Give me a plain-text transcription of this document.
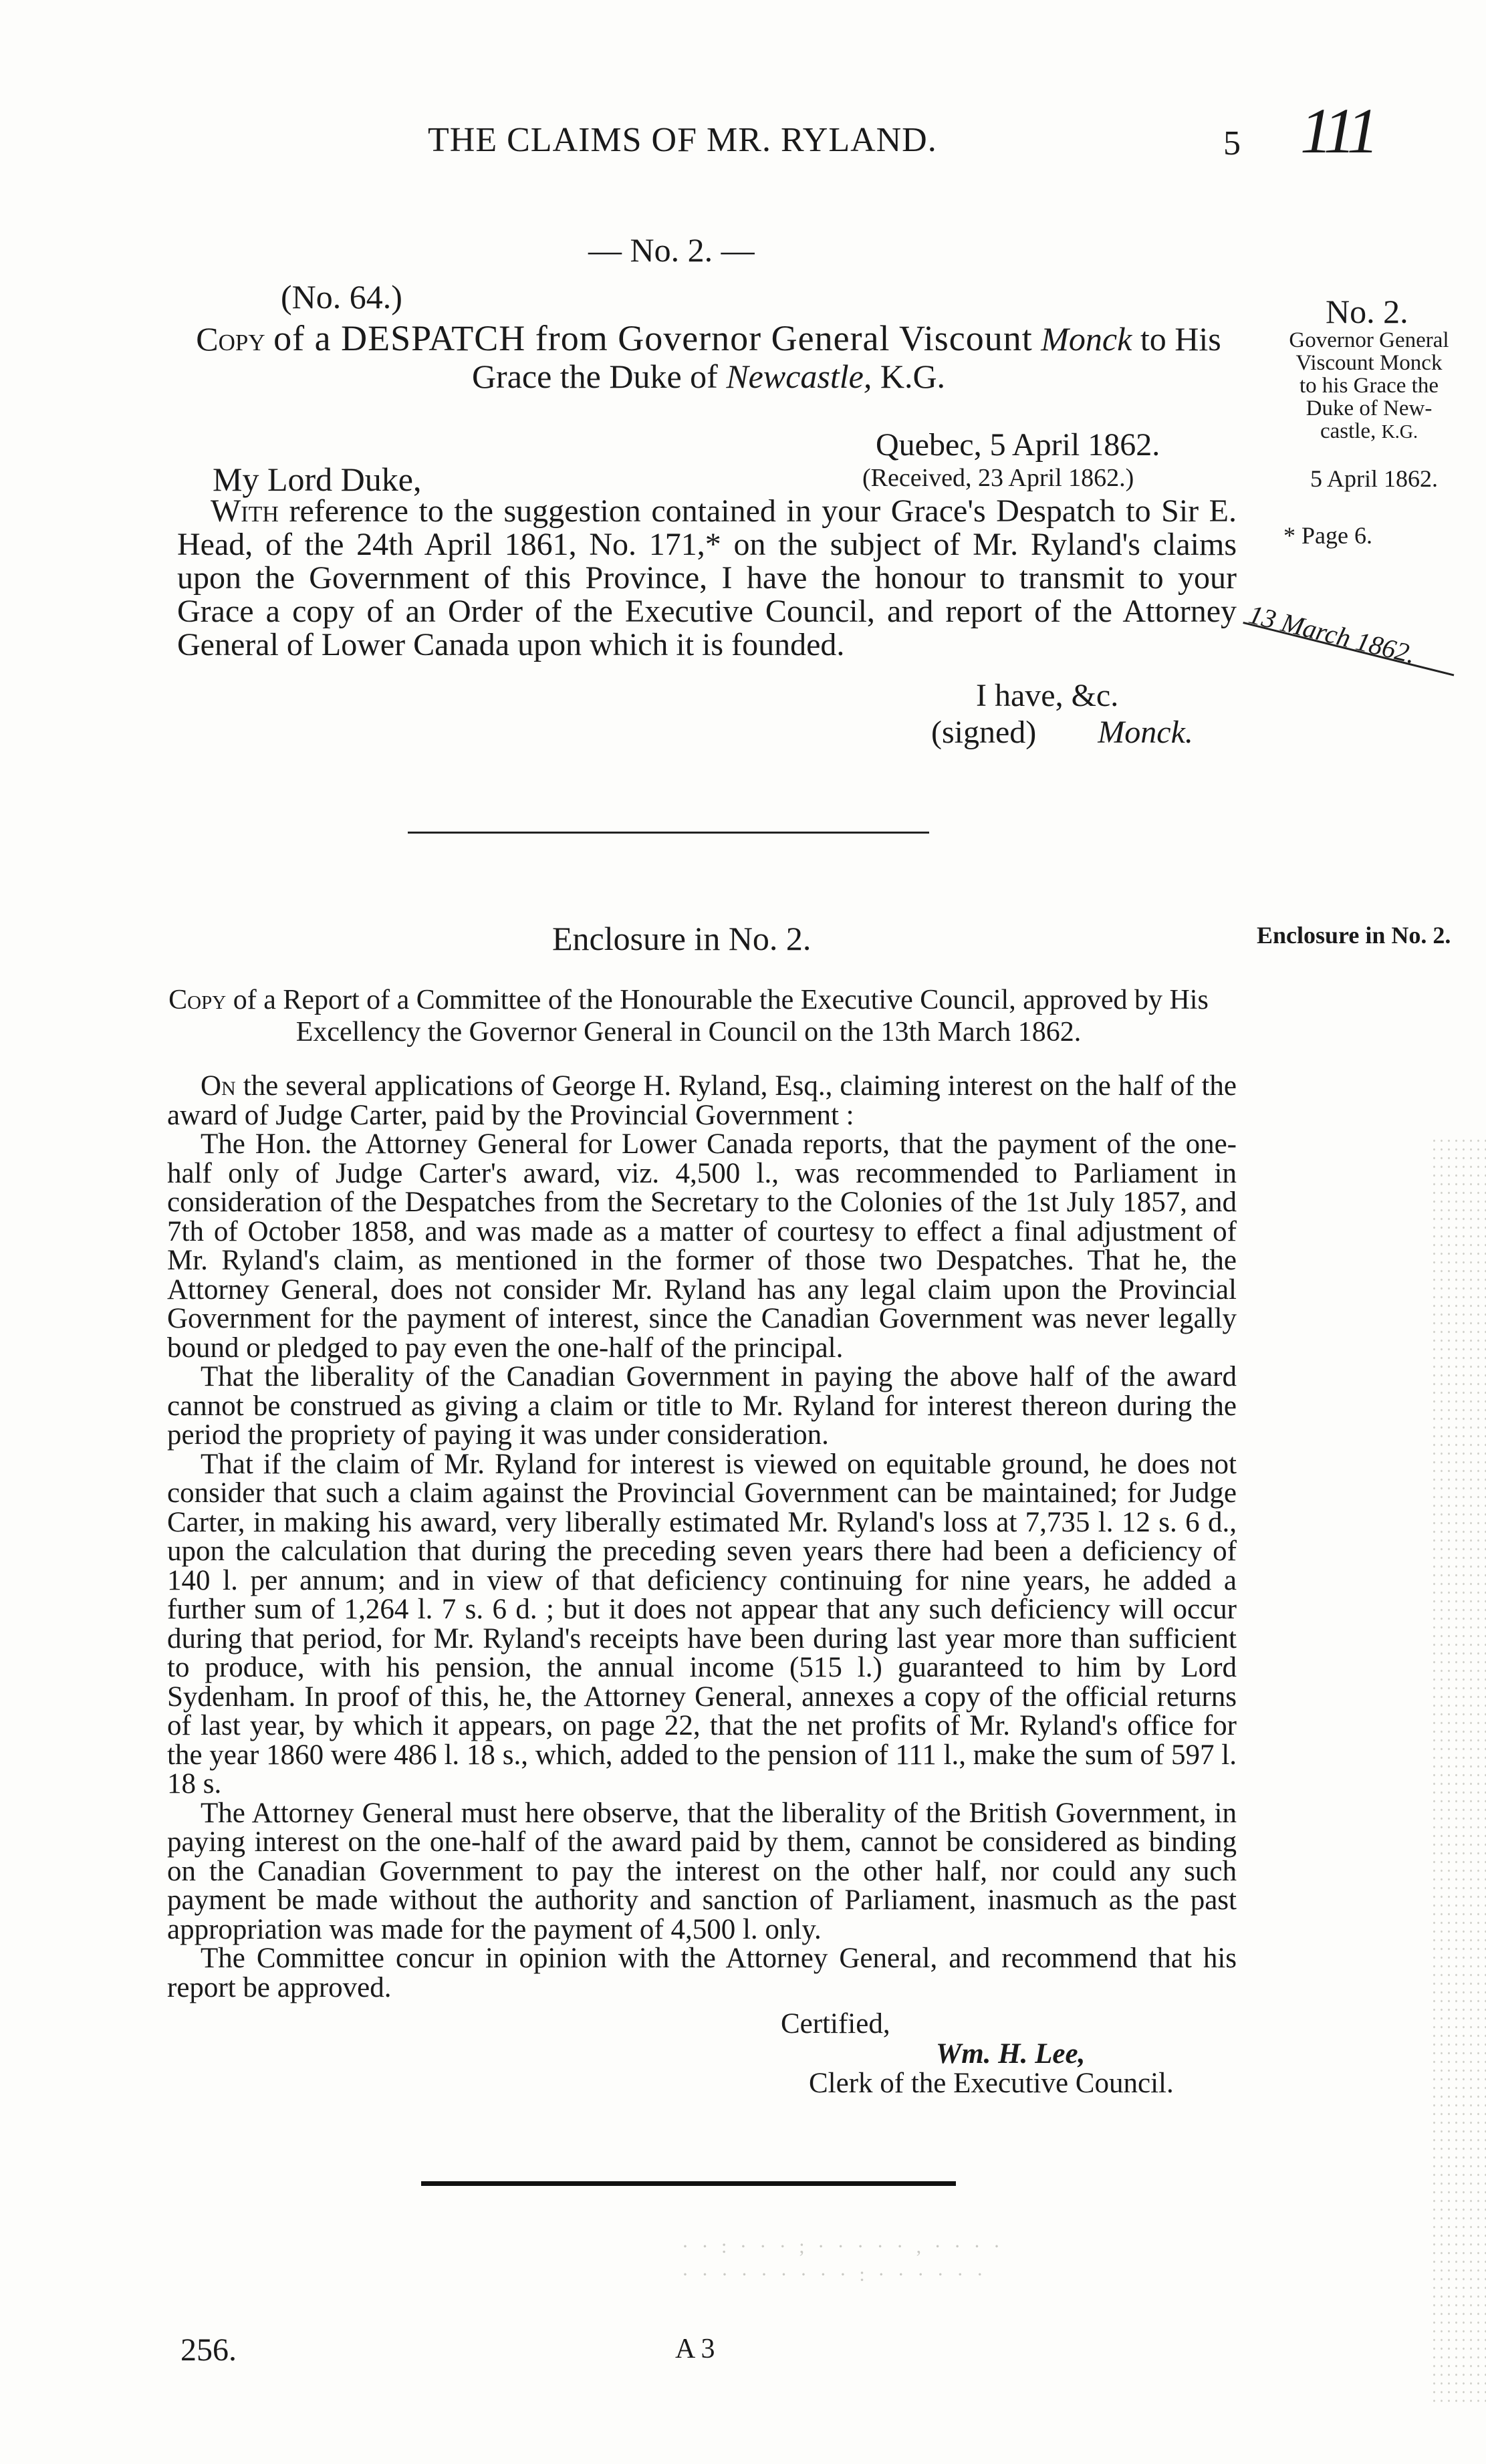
THE CLAIMS OF MR. RYLAND.	5 111
— No. 2. —
(No. 64.)
Copy of a DESPATCH from Governor General Viscount Monck to His Grace the Duke of Newcastle, K.G.
Quebec, 5 April 1862.
(Received, 23 April 1862.)
My Lord Duke,
With reference to the suggestion contained in your Grace's Despatch to Sir E. Head, of the 24th April 1861, No. 171,* on the subject of Mr. Ryland's claims upon the Government of this Province, I have the honour to transmit to your Grace a copy of an Order of the Executive Council, and report of the Attorney General of Lower Canada upon which it is founded.
I have, &c.
(signed) Monck.
No. 2.
Governor General
Viscount Monck
to his Grace the
Duke of New-
castle, K.G.
5 April 1862.
* Page 6.
13 March 1862.
Enclosure in No. 2.	Enclosure in No. 2.
Copy of a Report of a Committee of the Honourable the Executive Council, approved by His Excellency the Governor General in Council on the 13th March 1862.

On the several applications of George H. Ryland, Esq., claiming interest on the half of the award of Judge Carter, paid by the Provincial Government :

The Hon. the Attorney General for Lower Canada reports, that the payment of the one-half only of Judge Carter's award, viz. 4,500 l., was recommended to Parliament in consideration of the Despatches from the Secretary to the Colonies of the 1st July 1857, and 7th of October 1858, and was made as a matter of courtesy to effect a final adjustment of Mr. Ryland's claim, as mentioned in the former of those two Despatches. That he, the Attorney General, does not consider Mr. Ryland has any legal claim upon the Provincial Government for the payment of interest, since the Canadian Government was never legally bound or pledged to pay even the one-half of the principal.

That the liberality of the Canadian Government in paying the above half of the award cannot be construed as giving a claim or title to Mr. Ryland for interest thereon during the period the propriety of paying it was under consideration.

That if the claim of Mr. Ryland for interest is viewed on equitable ground, he does not consider that such a claim against the Provincial Government can be maintained; for Judge Carter, in making his award, very liberally estimated Mr. Ryland's loss at 7,735 l. 12 s. 6 d., upon the calculation that during the preceding seven years there had been a deficiency of 140 l. per annum; and in view of that deficiency continuing for nine years, he added a further sum of 1,264 l. 7 s. 6 d. ; but it does not appear that any such deficiency will occur during that period, for Mr. Ryland's receipts have been during last year more than sufficient to produce, with his pension, the annual income (515 l.) guaranteed to him by Lord Sydenham. In proof of this, he, the Attorney General, annexes a copy of the official returns of last year, by which it appears, on page 22, that the net profits of Mr. Ryland's office for the year 1860 were 486 l. 18 s., which, added to the pension of 111 l., make the sum of 597 l. 18 s.

The Attorney General must here observe, that the liberality of the British Government, in paying interest on the one-half of the award paid by them, cannot be considered as binding on the Canadian Government to pay the interest on the other half, nor could any such payment be made without the authority and sanction of Parliament, inasmuch as the past appropriation was made for the payment of 4,500 l. only.

The Committee concur in opinion with the Attorney General, and recommend that his report be approved.

Certified,
Wm. H. Lee,
Clerk of the Executive Council.
· · : · · · ; · · · · · , · · · ·
· · · · · · · · · : · · · · · ·
256.	A 3
